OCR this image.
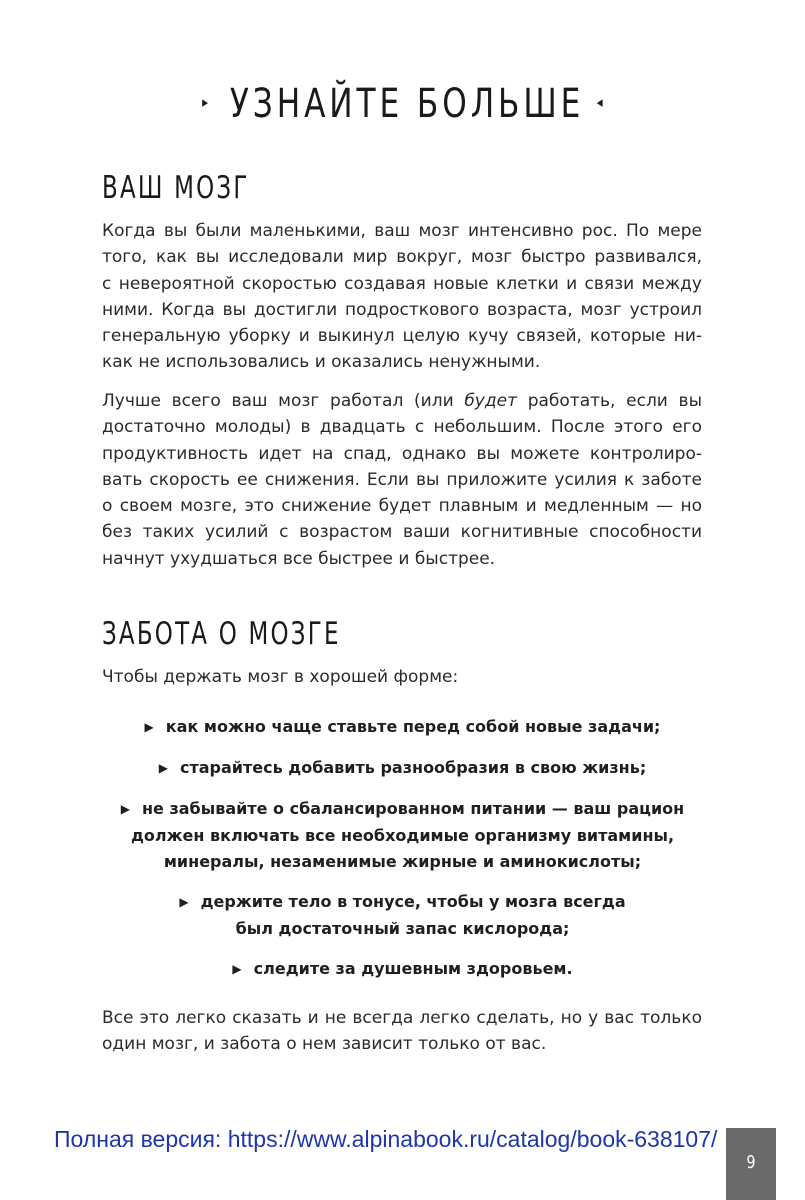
▸ УЗНАЙТЕ БОЛЬШЕ ◂
ВАШ МОЗГ

Когда вы были маленькими, ваш мозг интенсивно рос. По мере
того, как вы исследовали мир вокруг, мозг быстро развивался,
с невероятной скоростью создавая новые клетки и связи между
ними. Когда вы достигли подросткового возраста, мозг устроил
генеральную уборку и выкинул целую кучу связей, которые ни-
как не использовались и оказались ненужными.

Лучше всего ваш мозг работал (или будет работать, если вы
достаточно молоды) в двадцать с небольшим. После этого его
продуктивность идет на спад, однако вы можете контролиро-
вать скорость ее снижения. Если вы приложите усилия к заботе
о своем мозге, это снижение будет плавным и медленным — но
без таких усилий с возрастом ваши когнитивные способности
начнут ухудшаться все быстрее и быстрее.

ЗАБОТА О МОЗГЕ

Чтобы держать мозг в хорошей форме:

▶ как можно чаще ставьте перед собой новые задачи;
▶ старайтесь добавить разнообразия в свою жизнь;
▶ не забывайте о сбалансированном питании — ваш рацион
должен включать все необходимые организму витамины,
минералы, незаменимые жирные и аминокислоты;
▶ держите тело в тонусе, чтобы у мозга всегда
был достаточный запас кислорода;
▶ следите за душевным здоровьем.

Все это легко сказать и не всегда легко сделать, но у вас только
один мозг, и забота о нем зависит только от вас.

Полная версия: https://www.alpinabook.ru/catalog/book-638107/
9
